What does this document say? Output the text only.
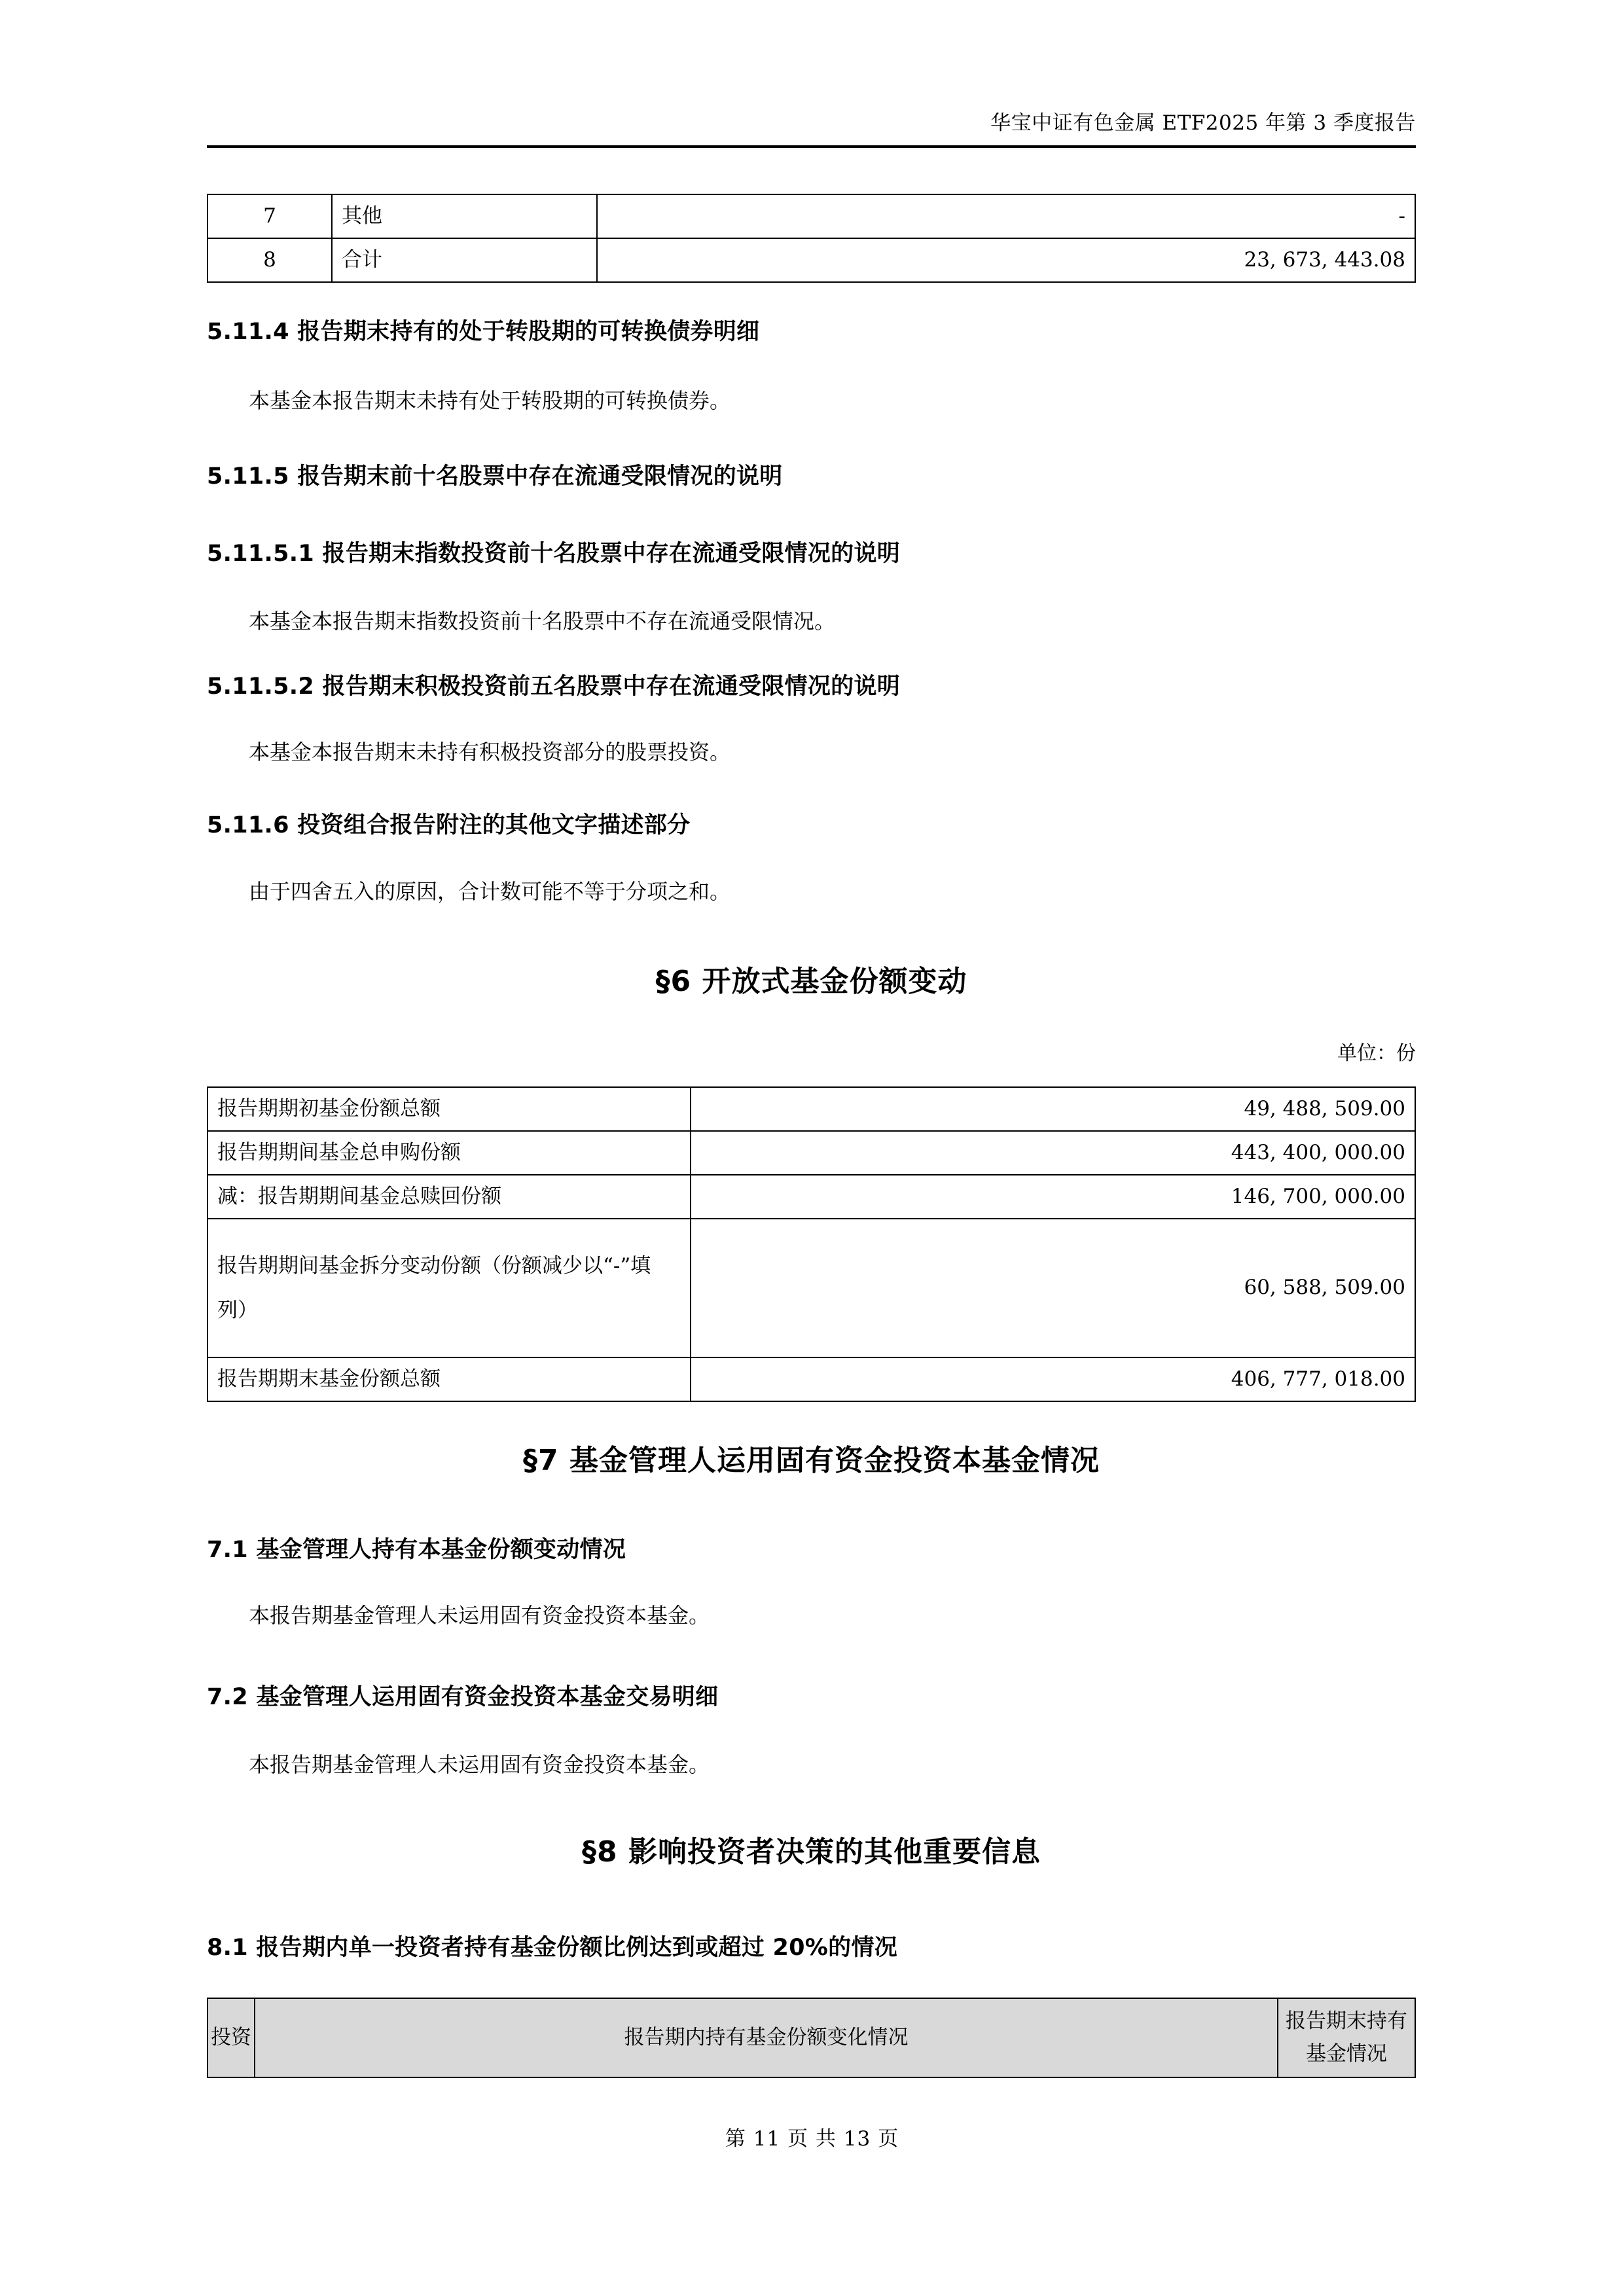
华宝中证有色金属 ETF2025 年第 3 季度报告
7	其他	-
8	合计	23, 673, 443.08
5.11.4 报告期末持有的处于转股期的可转换债券明细

本基金本报告期末未持有处于转股期的可转换债券。

5.11.5 报告期末前十名股票中存在流通受限情况的说明
5.11.5.1 报告期末指数投资前十名股票中存在流通受限情况的说明

本基金本报告期末指数投资前十名股票中不存在流通受限情况。

5.11.5.2 报告期末积极投资前五名股票中存在流通受限情况的说明

本基金本报告期末未持有积极投资部分的股票投资。

5.11.6 投资组合报告附注的其他文字描述部分

由于四舍五入的原因，合计数可能不等于分项之和。

§6 开放式基金份额变动

单位：份

报告期期初基金份额总额	49, 488, 509.00
报告期期间基金总申购份额	443, 400, 000.00
减：报告期期间基金总赎回份额	146, 700, 000.00
报告期期间基金拆分变动份额（份额减少以“-”填列）	60, 588, 509.00
报告期期末基金份额总额	406, 777, 018.00
§7 基金管理人运用固有资金投资本基金情况
7.1 基金管理人持有本基金份额变动情况

本报告期基金管理人未运用固有资金投资本基金。

7.2 基金管理人运用固有资金投资本基金交易明细

本报告期基金管理人未运用固有资金投资本基金。

§8 影响投资者决策的其他重要信息
8.1 报告期内单一投资者持有基金份额比例达到或超过 20%的情况
投资	报告期内持有基金份额变化情况	报告期末持有基金情况
第 11 页 共 13 页
